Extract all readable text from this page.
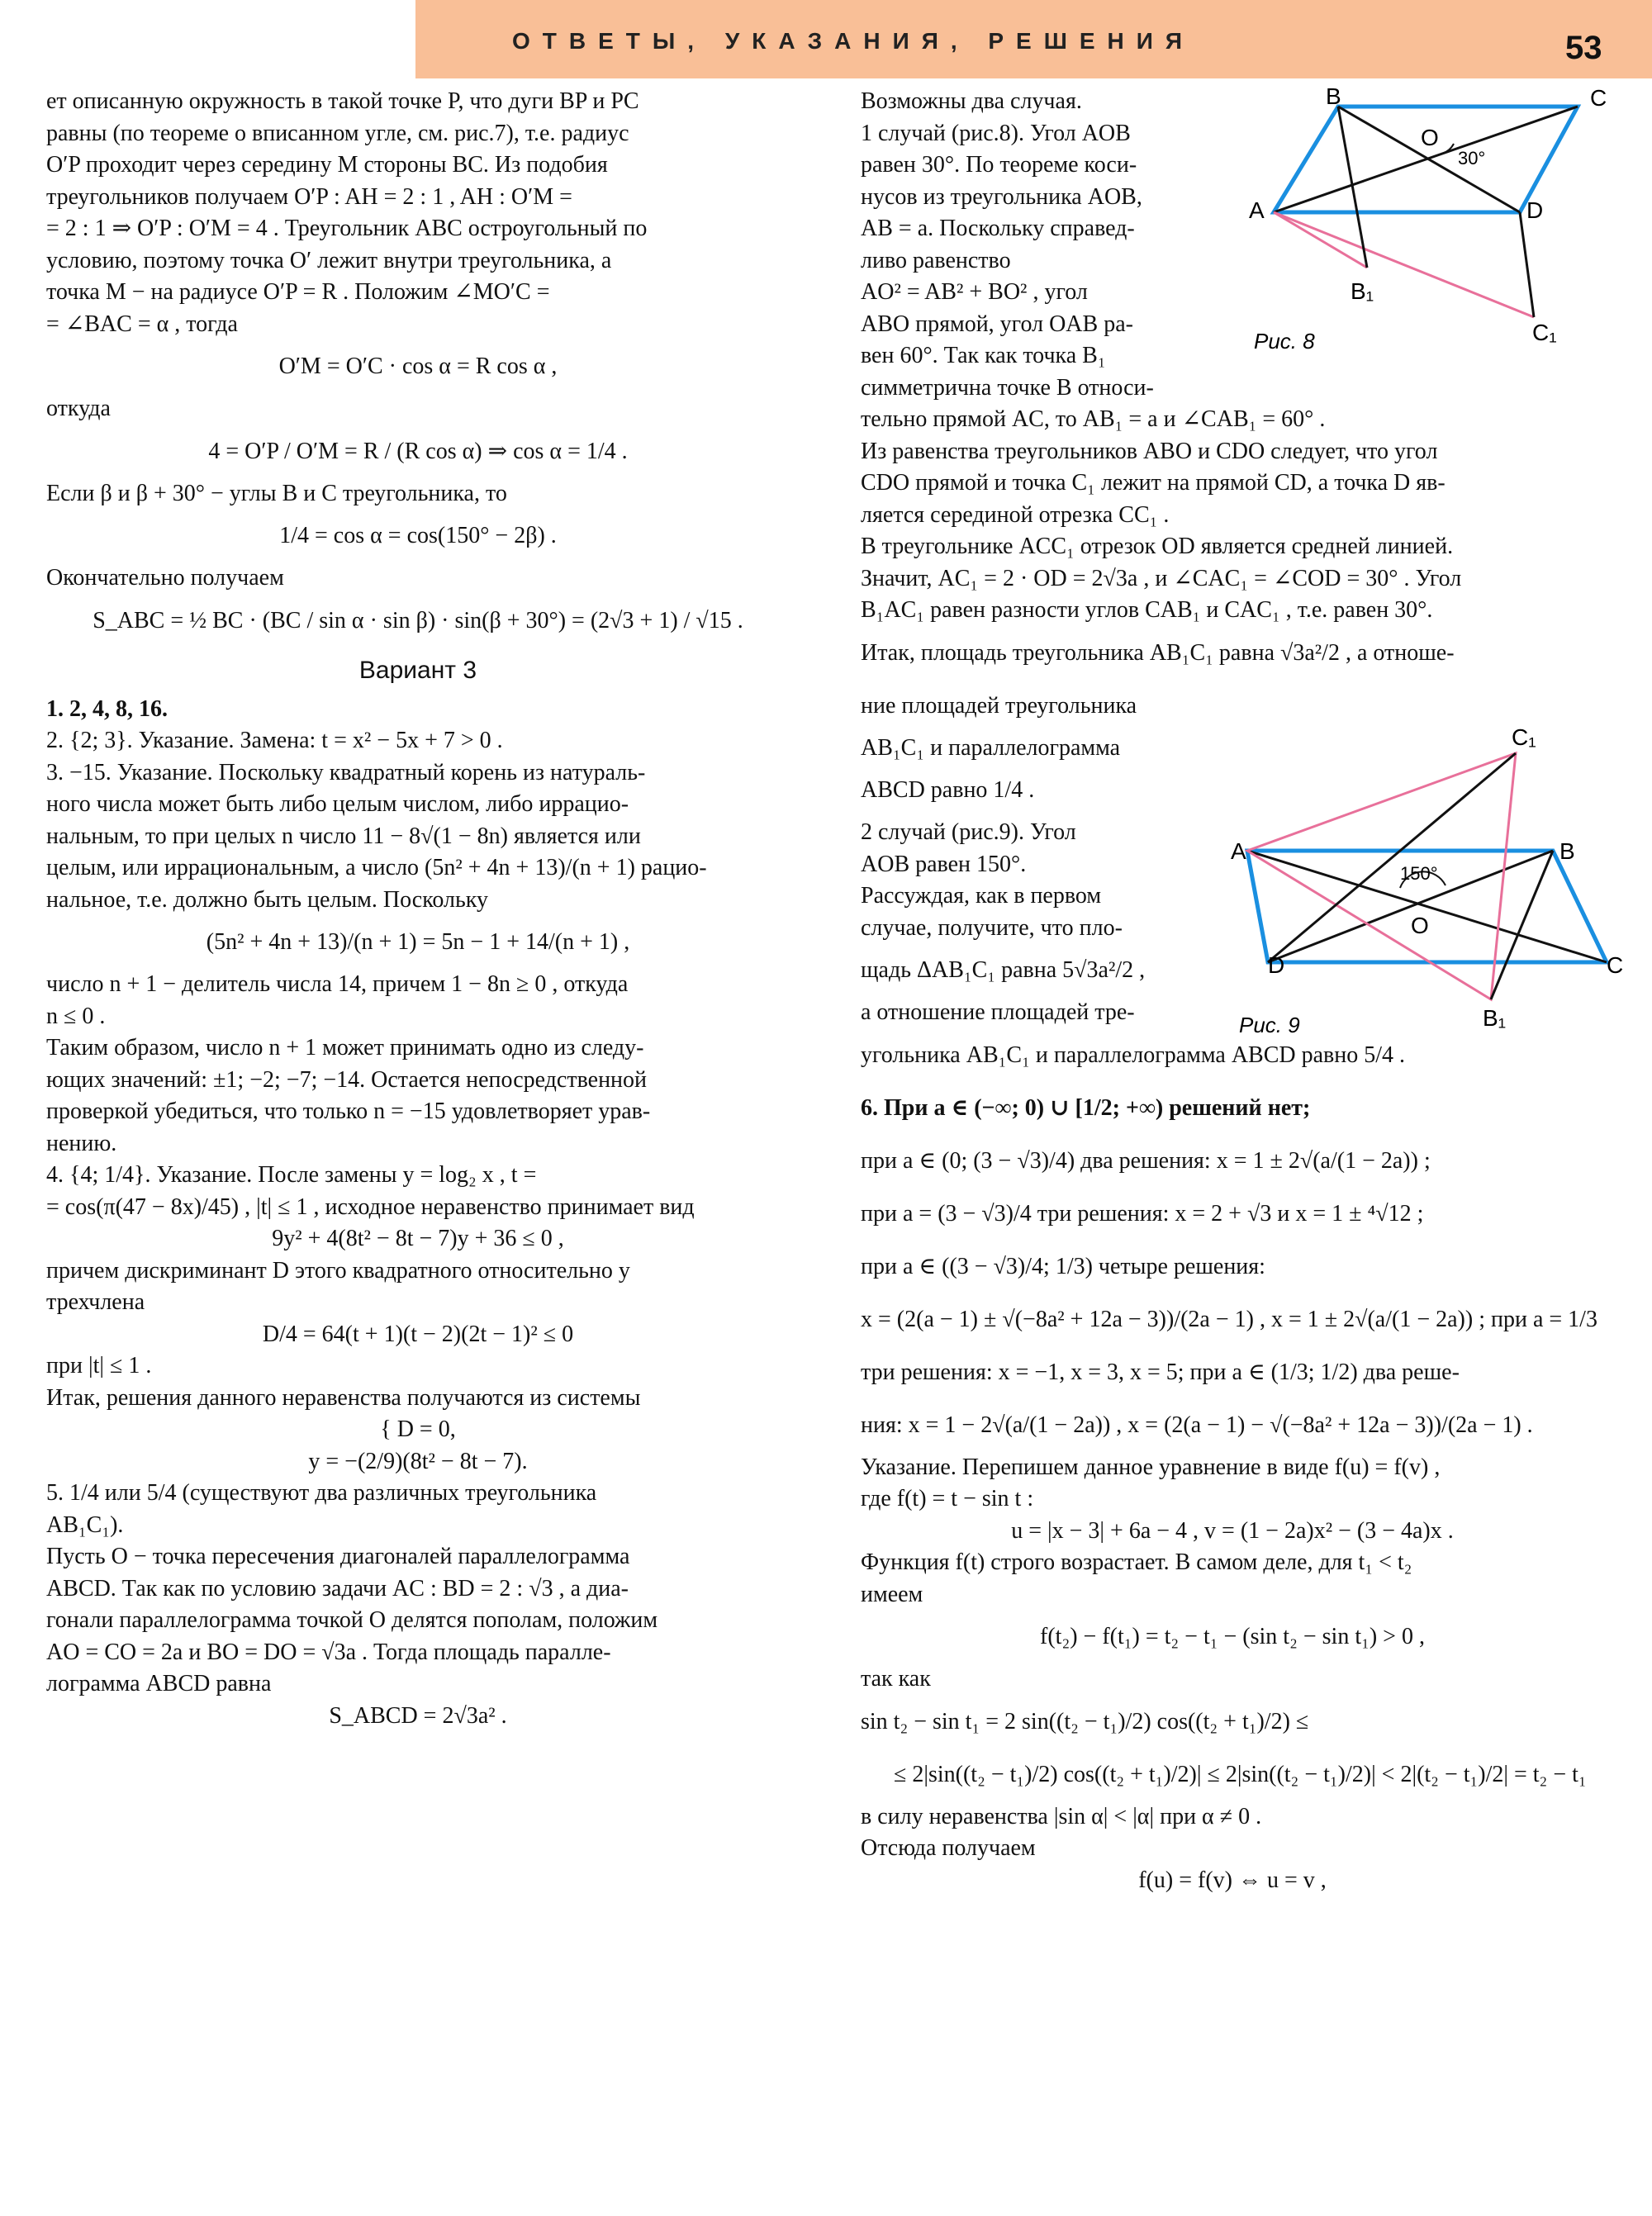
ОТВЕТЫ, УКАЗАНИЯ, РЕШЕНИЯ	53
ет описанную окружность в такой точке P, что дуги BP и PC
равны (по теореме о вписанном угле, см. рис.7), т.е. радиус
O′P проходит через середину M стороны BC. Из подобия
треугольников получаем O′P : AH = 2 : 1 , AH : O′M =
= 2 : 1 ⇒ O′P : O′M = 4 . Треугольник ABC остроугольный по
условию, поэтому точка O′ лежит внутри треугольника, а
точка M − на радиусе O′P = R . Положим ∠MO′C =
= ∠BAC = α , тогда
O′M = O′C · cos α = R cos α ,
откуда
4 = O′P / O′M = R / (R cos α) ⇒ cos α = 1/4 .
Если β и β + 30° − углы B и C треугольника, то
1/4 = cos α = cos(150° − 2β) .
Окончательно получаем
S_ABC = ½ BC · (BC / sin α · sin β) · sin(β + 30°) = (2√3 + 1) / √15 .
Вариант 3
1. 2, 4, 8, 16.
2. {2; 3}. Указание. Замена: t = x² − 5x + 7 > 0 .
3. −15. Указание. Поскольку квадратный корень из натураль-
ного числа может быть либо целым числом, либо иррацио-
нальным, то при целых n число 11 − 8√(1 − 8n) является или
целым, или иррациональным, а число (5n² + 4n + 13)/(n + 1) рацио-
нальное, т.е. должно быть целым. Поскольку
(5n² + 4n + 13)/(n + 1) = 5n − 1 + 14/(n + 1) ,
число n + 1 − делитель числа 14, причем 1 − 8n ≥ 0 , откуда
n ≤ 0 .
Таким образом, число n + 1 может принимать одно из следу-
ющих значений: ±1; −2; −7; −14. Остается непосредственной
проверкой убедиться, что только n = −15 удовлетворяет урав-
нению.
4. {4; 1/4}. Указание. После замены y = log₂ x , t =
= cos(π(47 − 8x)/45) , |t| ≤ 1 , исходное неравенство принимает вид
9y² + 4(8t² − 8t − 7)y + 36 ≤ 0 ,
причем дискриминант D этого квадратного относительно y
трехчлена
D/4 = 64(t + 1)(t − 2)(2t − 1)² ≤ 0
при |t| ≤ 1 .
Итак, решения данного неравенства получаются из системы
{ D = 0,
y = −(2/9)(8t² − 8t − 7).
5. 1/4 или 5/4 (существуют два различных треугольника
AB₁C₁).
Пусть O − точка пересечения диагоналей параллелограмма
ABCD. Так как по условию задачи AC : BD = 2 : √3 , а диа-
гонали параллелограмма точкой O делятся пополам, положим
AO = CO = 2a и BO = DO = √3a . Тогда площадь паралле-
лограмма ABCD равна
S_ABCD = 2√3a² .
Возможны два случая.
1 случай (рис.8). Угол AOB
равен 30°. По теореме коси-
нусов из треугольника AOB,
AB = a. Поскольку справед-
ливо равенство
AO² = AB² + BO² , угол
ABO прямой, угол OAB ра-
вен 60°. Так как точка B₁
симметрична точке B относи-
тельно прямой AC, то AB₁ = a и ∠CAB₁ = 60° .
Из равенства треугольников ABO и CDO следует, что угол
CDO прямой и точка C₁ лежит на прямой CD, а точка D яв-
ляется серединой отрезка CC₁ .
В треугольнике ACC₁ отрезок OD является средней линией.
Значит, AC₁ = 2 · OD = 2√3a , и ∠CAC₁ = ∠COD = 30° . Угол
B₁AC₁ равен разности углов CAB₁ и CAC₁ , т.е. равен 30°.
Итак, площадь треугольника AB₁C₁ равна √3a²/2 , а отноше-
ние площадей треугольника
AB₁C₁ и параллелограмма
ABCD равно 1/4 .
2 случай (рис.9). Угол
AOB равен 150°.
Рассуждая, как в первом
случае, получите, что пло-
щадь ΔAB₁C₁ равна 5√3a²/2 ,
а отношение площадей тре-
угольника AB₁C₁ и параллелограмма ABCD равно 5/4 .
6. При a ∈ (−∞; 0) ∪ [1/2; +∞) решений нет;
при a ∈ (0; (3 − √3)/4) два решения: x = 1 ± 2√(a/(1 − 2a)) ;
при a = (3 − √3)/4 три решения: x = 2 + √3 и x = 1 ± ⁴√12 ;
при a ∈ ((3 − √3)/4; 1/3) четыре решения:
x = (2(a − 1) ± √(−8a² + 12a − 3))/(2a − 1) , x = 1 ± 2√(a/(1 − 2a)) ; при a = 1/3
три решения: x = −1, x = 3, x = 5; при a ∈ (1/3; 1/2) два реше-
ния: x = 1 − 2√(a/(1 − 2a)) , x = (2(a − 1) − √(−8a² + 12a − 3))/(2a − 1) .
Указание. Перепишем данное уравнение в виде f(u) = f(v) ,
где f(t) = t − sin t :
u = |x − 3| + 6a − 4 , v = (1 − 2a)x² − (3 − 4a)x .
Функция f(t) строго возрастает. В самом деле, для t₁ < t₂
имеем
f(t₂) − f(t₁) = t₂ − t₁ − (sin t₂ − sin t₁) > 0 ,
так как
sin t₂ − sin t₁ = 2 sin((t₂ − t₁)/2) cos((t₂ + t₁)/2) ≤
≤ 2|sin((t₂ − t₁)/2) cos((t₂ + t₁)/2)| ≤ 2|sin((t₂ − t₁)/2)| < 2|(t₂ − t₁)/2| = t₂ − t₁
в силу неравенства |sin α| < |α| при α ≠ 0 .
Отсюда получаем
f(u) = f(v) ⇔ u = v ,
B	C
A	D
O
30°
B₁
C₁
Рис. 8
A	B
C
D
O
150°
B₁
C₁
Рис. 9
